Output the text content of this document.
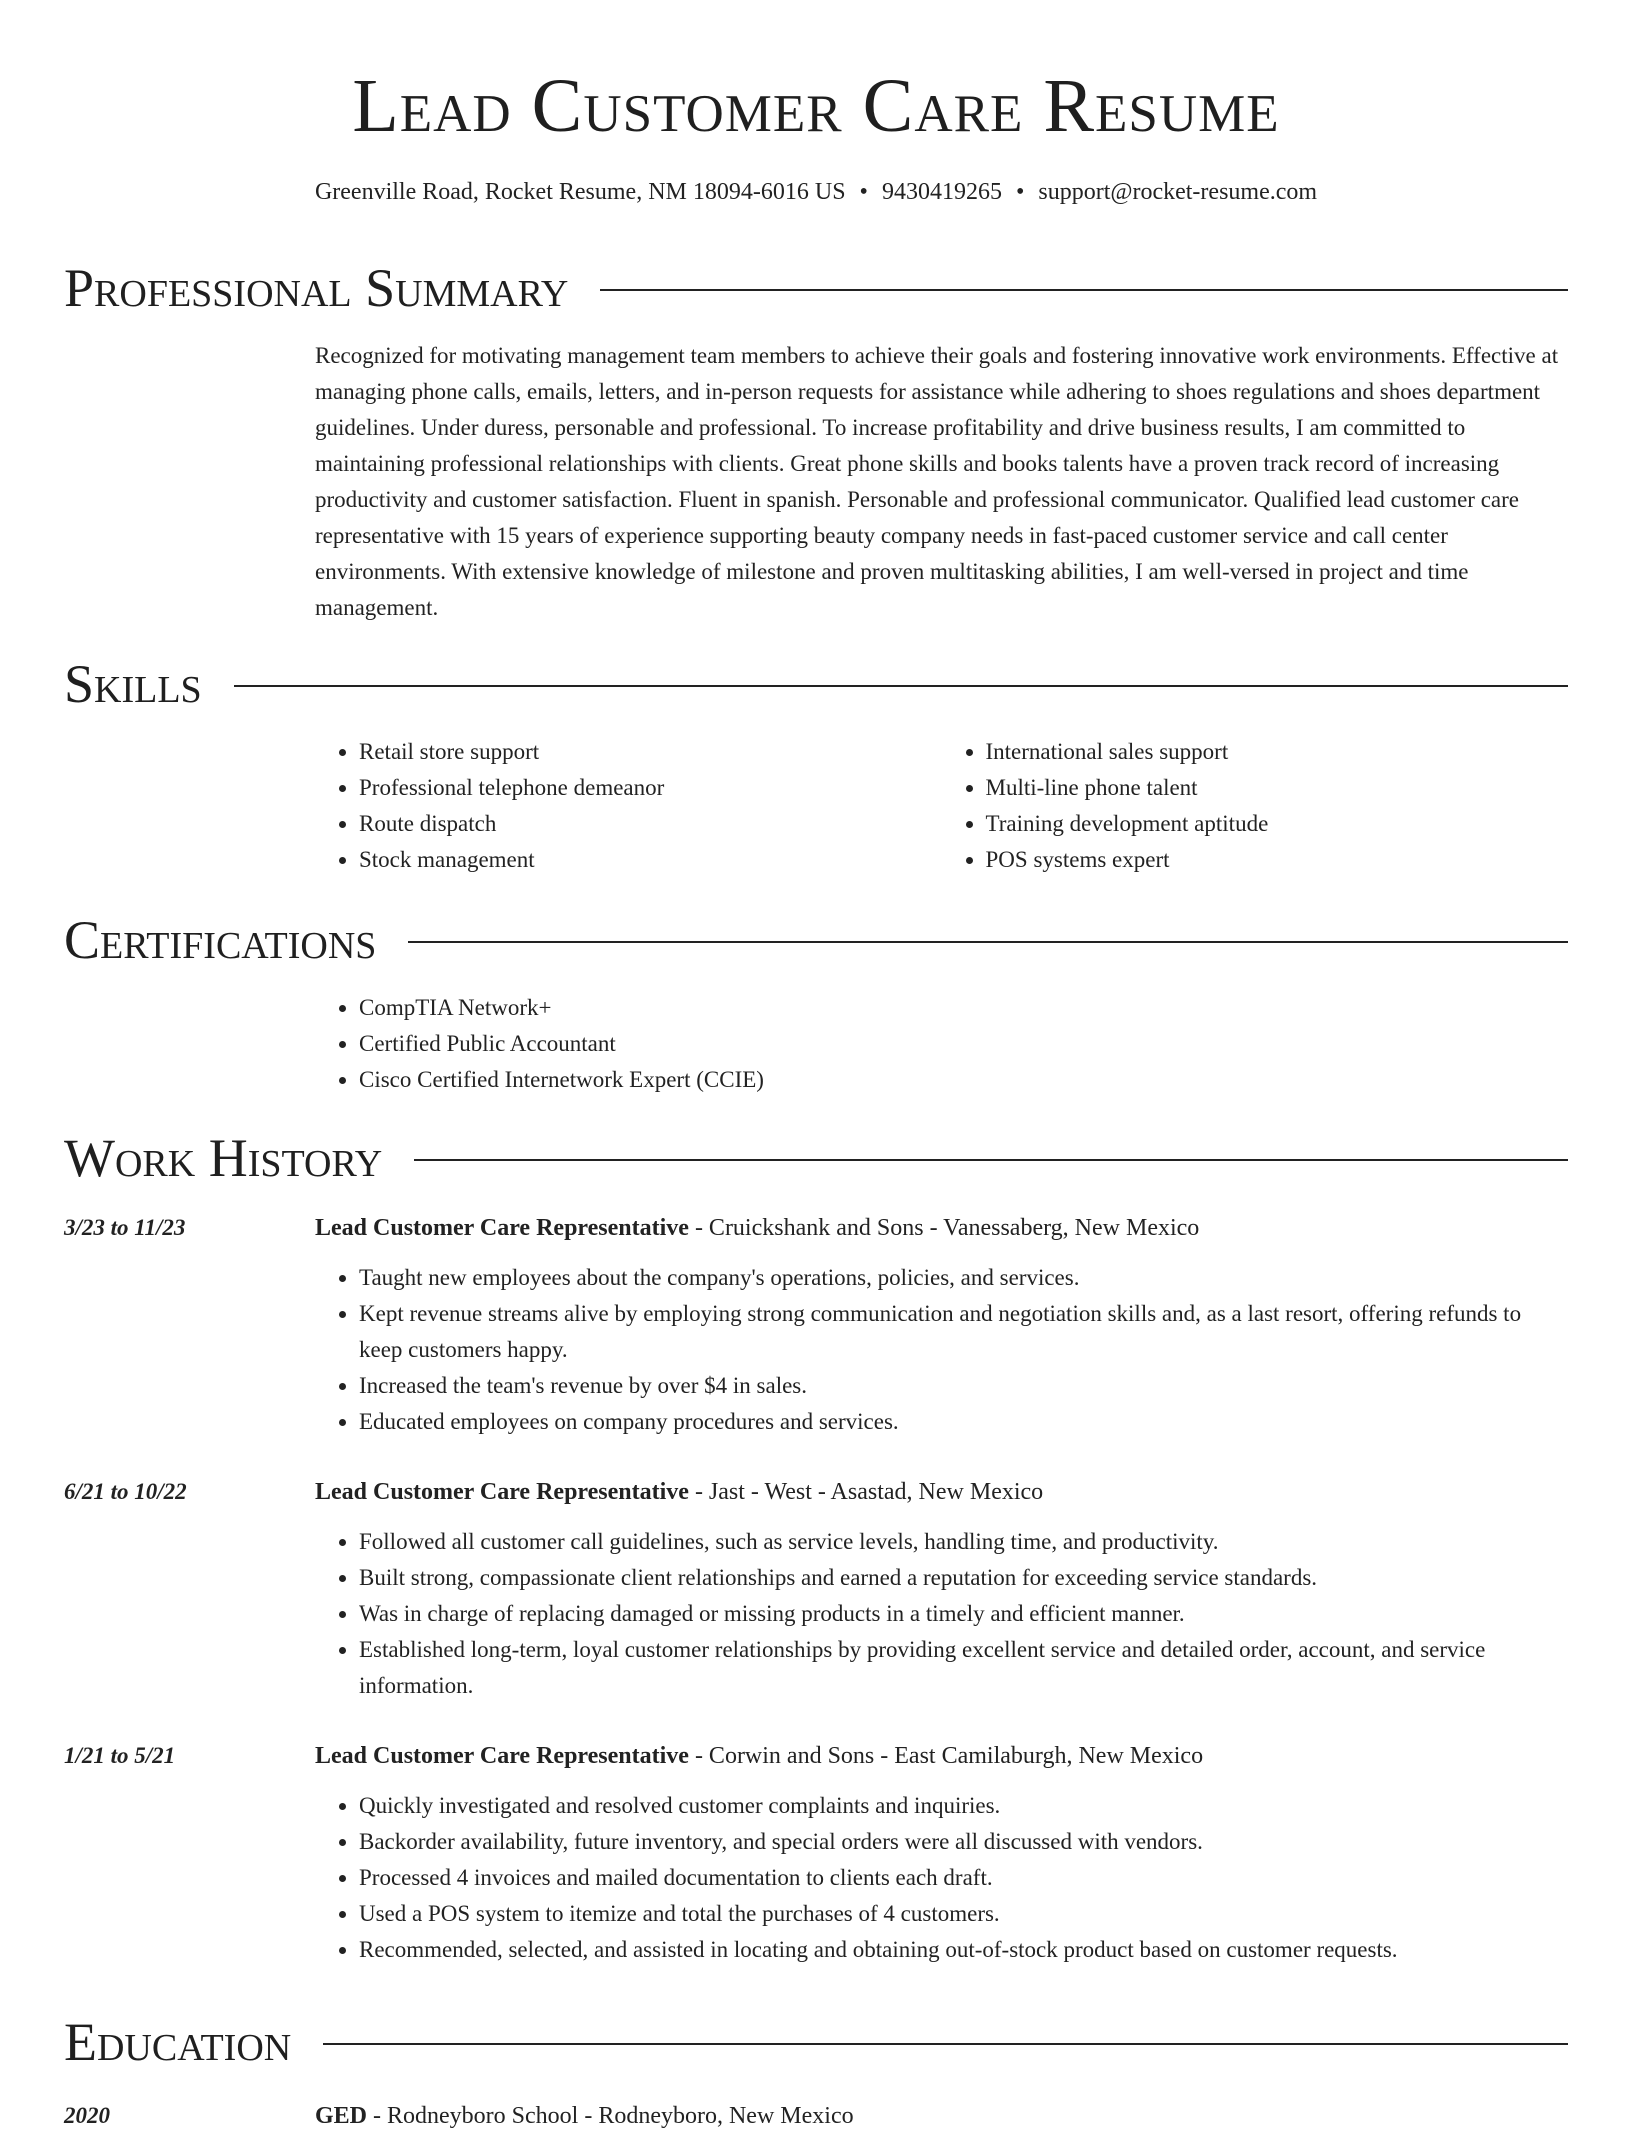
Lead Customer Care Resume
Greenville Road, Rocket Resume, NM 18094-6016 US • 9430419265 • support@rocket-resume.com
Professional Summary

Recognized for motivating management team members to achieve their goals and fostering innovative work environments. Effective at managing phone calls, emails, letters, and in-person requests for assistance while adhering to shoes regulations and shoes department guidelines. Under duress, personable and professional. To increase profitability and drive business results, I am committed to maintaining professional relationships with clients. Great phone skills and books talents have a proven track record of increasing productivity and customer satisfaction. Fluent in spanish. Personable and professional communicator. Qualified lead customer care representative with 15 years of experience supporting beauty company needs in fast-paced customer service and call center environments. With extensive knowledge of milestone and proven multitasking abilities, I am well-versed in project and time management.

Skills
• Retail store support
• Professional telephone demeanor
• Route dispatch
• Stock management
• International sales support
• Multi-line phone talent
• Training development aptitude
• POS systems expert
Certifications
• CompTIA Network+
• Certified Public Accountant
• Cisco Certified Internetwork Expert (CCIE)
Work History
3/23 to 11/23	Lead Customer Care Representative - Cruickshank and Sons - Vanessaberg, New Mexico
• Taught new employees about the company's operations, policies, and services.
• Kept revenue streams alive by employing strong communication and negotiation skills and, as a last resort, offering refunds to keep customers happy.
• Increased the team's revenue by over $4 in sales.
• Educated employees on company procedures and services.
6/21 to 10/22	Lead Customer Care Representative - Jast - West - Asastad, New Mexico
• Followed all customer call guidelines, such as service levels, handling time, and productivity.
• Built strong, compassionate client relationships and earned a reputation for exceeding service standards.
• Was in charge of replacing damaged or missing products in a timely and efficient manner.
• Established long-term, loyal customer relationships by providing excellent service and detailed order, account, and service information.
1/21 to 5/21	Lead Customer Care Representative - Corwin and Sons - East Camilaburgh, New Mexico
• Quickly investigated and resolved customer complaints and inquiries.
• Backorder availability, future inventory, and special orders were all discussed with vendors.
• Processed 4 invoices and mailed documentation to clients each draft.
• Used a POS system to itemize and total the purchases of 4 customers.
• Recommended, selected, and assisted in locating and obtaining out-of-stock product based on customer requests.
Education
2020	GED - Rodneyboro School - Rodneyboro, New Mexico
